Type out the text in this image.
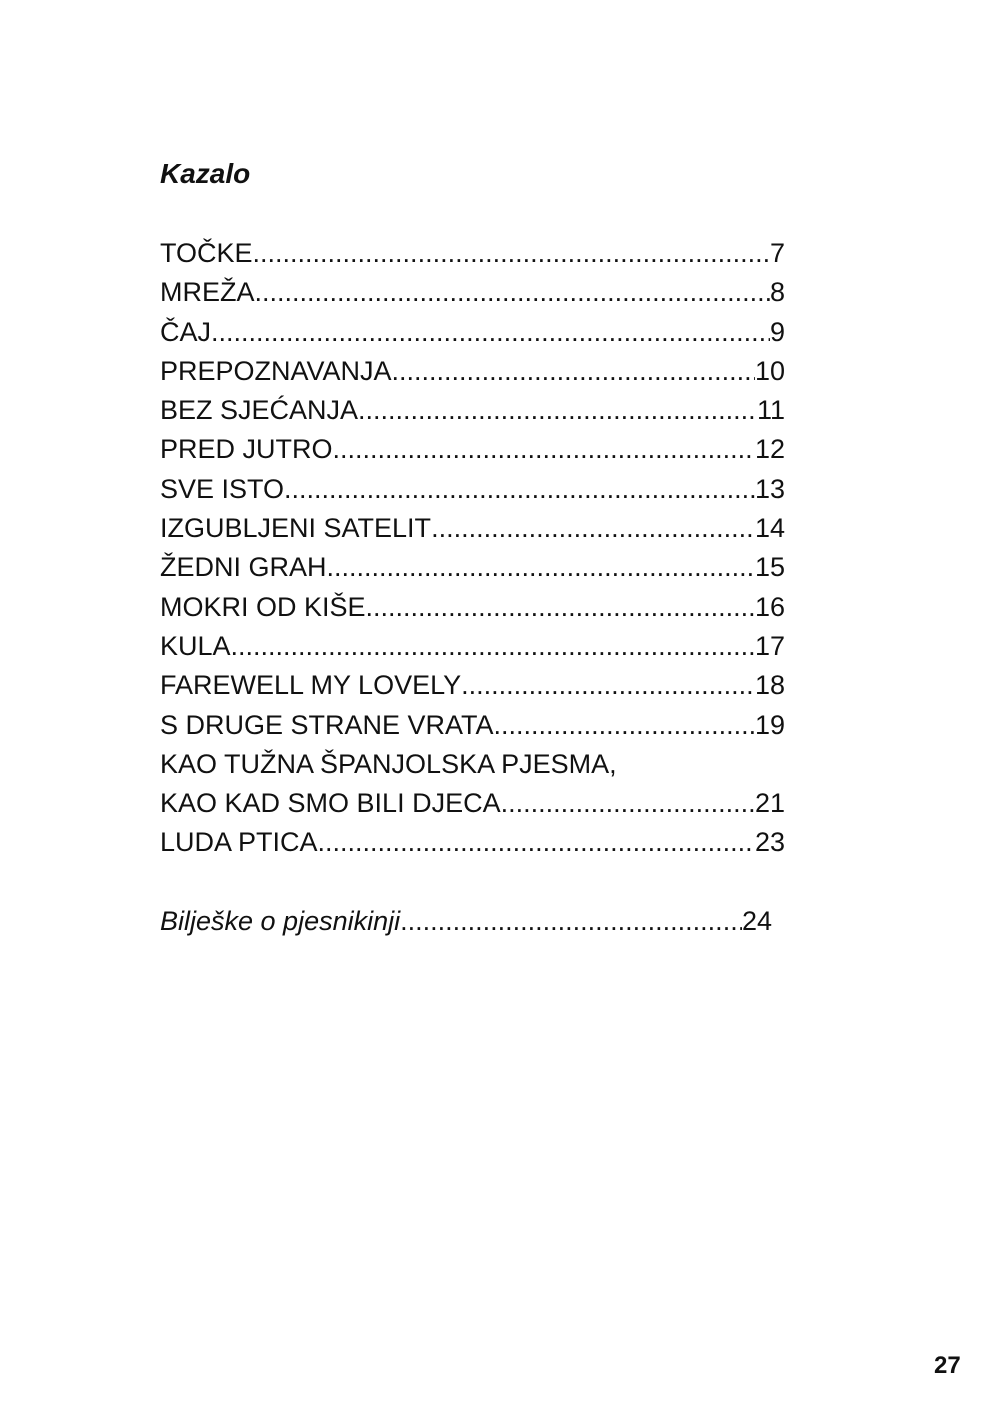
Kazalo
TOČKE .....	7
MREŽA .....	8
ČAJ .....	9
PREPOZNAVANJA .....	10
BEZ SJEĆANJA .....	11
PRED JUTRO .....	12
SVE ISTO .....	13
IZGUBLJENI SATELIT .....	14
ŽEDNI GRAH .....	15
MOKRI OD KIŠE .....	16
KULA .....	17
FAREWELL MY LOVELY .....	18
S DRUGE STRANE VRATA .....	19
KAO TUŽNA ŠPANJOLSKA PJESMA,
KAO KAD SMO BILI DJECA .....	21
LUDA PTICA .....	23
Bilješke o pjesnikinji .....	24
27
